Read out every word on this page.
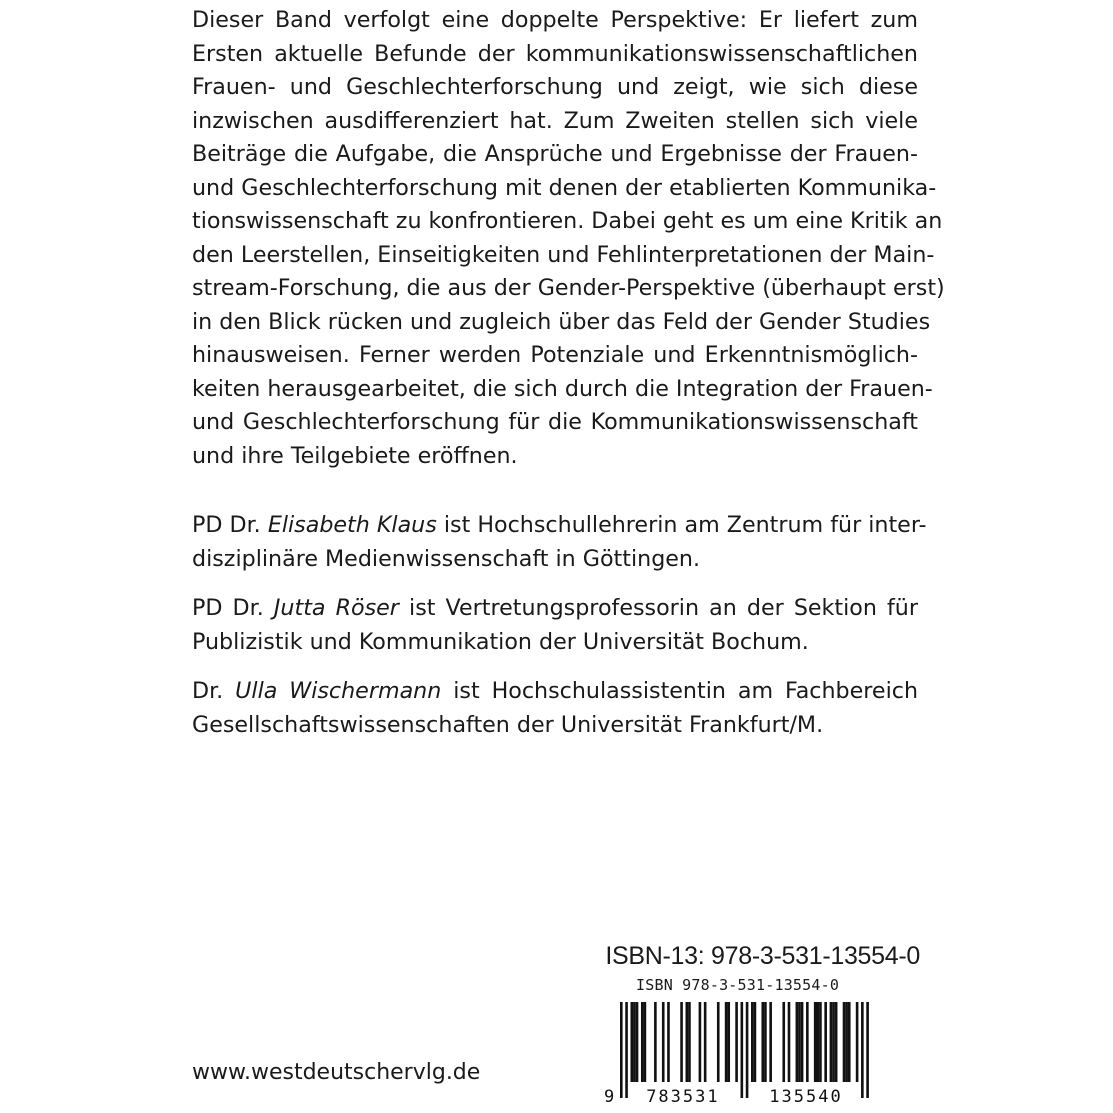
Dieser Band verfolgt eine doppelte Perspektive: Er liefert zum
Ersten aktuelle Befunde der kommunikationswissenschaftlichen
Frauen- und Geschlechterforschung und zeigt, wie sich diese
inzwischen ausdifferenziert hat. Zum Zweiten stellen sich viele
Beiträge die Aufgabe, die Ansprüche und Ergebnisse der Frauen-
und Geschlechterforschung mit denen der etablierten Kommunika-
tionswissenschaft zu konfrontieren. Dabei geht es um eine Kritik an
den Leerstellen, Einseitigkeiten und Fehlinterpretationen der Main-
stream-Forschung, die aus der Gender-Perspektive (überhaupt erst)
in den Blick rücken und zugleich über das Feld der Gender Studies
hinausweisen. Ferner werden Potenziale und Erkenntnismöglich-
keiten herausgearbeitet, die sich durch die Integration der Frauen-
und Geschlechterforschung für die Kommunikationswissenschaft
und ihre Teilgebiete eröffnen.
PD Dr. Elisabeth Klaus ist Hochschullehrerin am Zentrum für inter-
disziplinäre Medienwissenschaft in Göttingen.
PD Dr. Jutta Röser ist Vertretungsprofessorin an der Sektion für
Publizistik und Kommunikation der Universität Bochum.
Dr. Ulla Wischermann ist Hochschulassistentin am Fachbereich
Gesellschaftswissenschaften der Universität Frankfurt/M.
ISBN-13: 978-3-531-13554-0
ISBN 978-3-531-13554-0
9 783531	135540
www.westdeutschervlg.de
